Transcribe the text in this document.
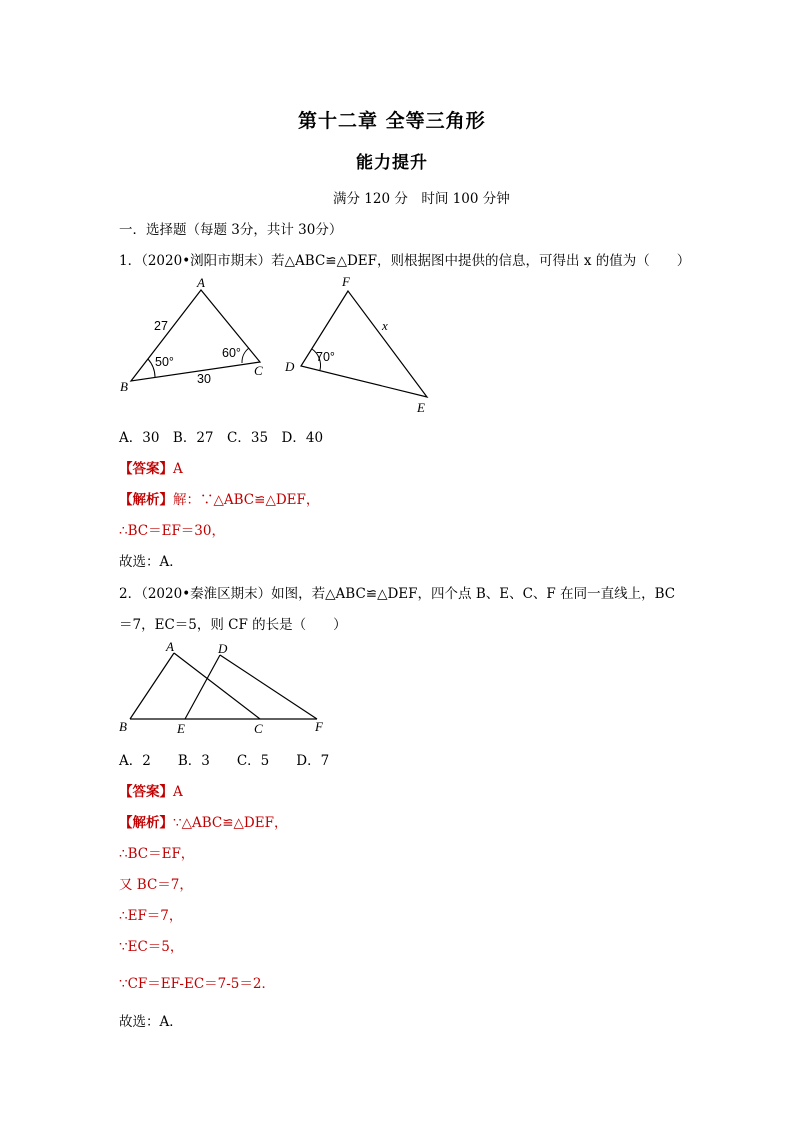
第十二章 全等三角形
能力提升
满分 120 分　时间 100 分钟
一．选择题（每题 3分，共计 30分）
1．（2020•浏阳市期末）若△ABC≌△DEF，则根据图中提供的信息，可得出 x 的值为（　　）
A
B
C
27
30
50°
60°
F
D
E
x
70°
A．30　B．27　C．35　D．40
【答案】A
【解析】解：∵△ABC≌△DEF，
∴BC＝EF＝30，
故选：A．
2．（2020•秦淮区期末）如图，若△ABC≌△DEF，四个点 B、E、C、F 在同一直线上，BC
＝7，EC＝5，则 CF 的长是（　　）
A	D
B	E	C	F
A．2　　B．3　　C．5　　D．7
【答案】A
【解析】∵△ABC≌△DEF，
∴BC＝EF，
又 BC＝7，
∴EF＝7，
∵EC＝5，
∵CF＝EF-EC＝7-5＝2．
故选：A．
